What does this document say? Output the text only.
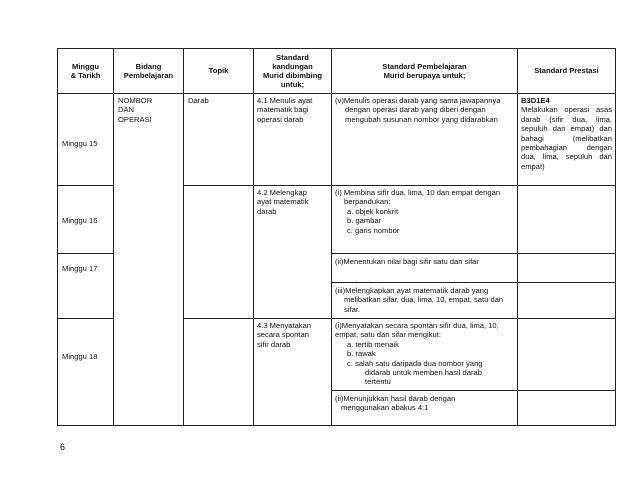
Minggu
& Tarikh
Bidang
Pembelajaran
Topik
Standard
kandungan
Murid dibimbing
untuk;
Standard Pembelajaran
Murid berupaya untuk;
Standard Prestasi
Minggu 15
Minggu 16
Minggu 17
Minggu 18
NOMBOR
DAN
OPERASI
Darab	4.1 Menulis ayat
matematik bagi
operasi darab
4.2 Melengkap
ayat matematik
darab
4.3 Menyatakan
secara spontan
sifir darab
(v)Menulis operasi darab yang sama jawapannya
dengan operasi darab yang diberi dengan
mengubah susunan nombor yang didarabkan
(i) Membina sifir dua, lima, 10 dan empat dengan
berpandukan:
a. objek konkrit
b. gambar
c. garis nombor
(ii)Menentukan nilai bagi sifir satu dan sifar
(iii)Melengkapkan ayat matematik darab yang
melibatkan sifar, dua, lima, 10, empat, satu dan
sifar.
(i)Menyatakan secara spontan sifir dua, lima, 10,
empat, satu dan sifar mengikut:
a. tertib menaik
b. rawak
c. salah satu daripada dua nombor yang
didarab untuk memberi hasil darab
tertentu
(ii)Menunjukkan hasil darab dengan
menggunakan abakus 4:1
B3D1E4
Melakukan operasi asas
darab (sifir dua, lima,
sepuluh dan empat) dan
bahagi (melibatkan
pembahagian dengan
dua, lima, sepuluh dan
empat)
6
